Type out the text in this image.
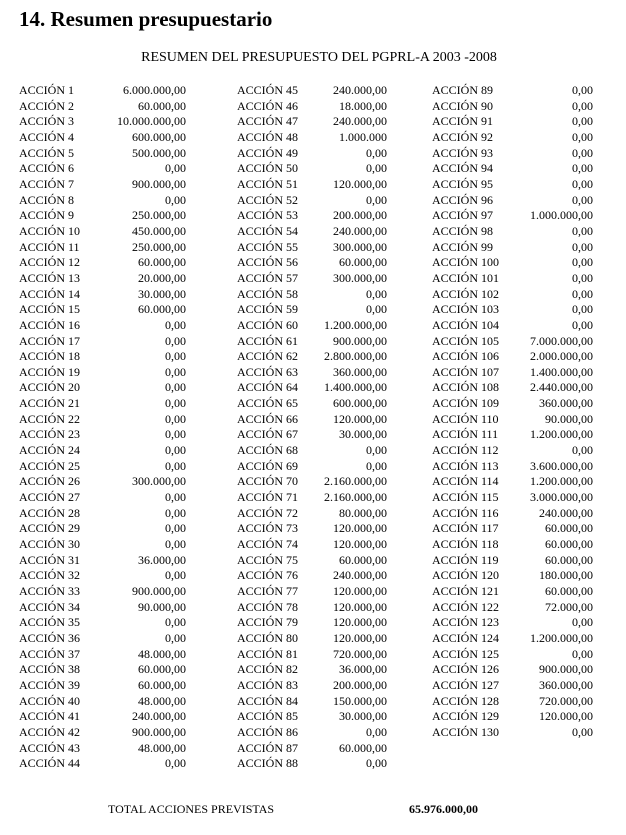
14. Resumen presupuestario
RESUMEN DEL PRESUPUESTO DEL PGPRL-A 2003 -2008
ACCIÓN 1	6.000.000,00
ACCIÓN 2	60.000,00
ACCIÓN 3	10.000.000,00
ACCIÓN 4	600.000,00
ACCIÓN 5	500.000,00
ACCIÓN 6	0,00
ACCIÓN 7	900.000,00
ACCIÓN 8	0,00
ACCIÓN 9	250.000,00
ACCIÓN 10	450.000,00
ACCIÓN 11	250.000,00
ACCIÓN 12	60.000,00
ACCIÓN 13	20.000,00
ACCIÓN 14	30.000,00
ACCIÓN 15	60.000,00
ACCIÓN 16	0,00
ACCIÓN 17	0,00
ACCIÓN 18	0,00
ACCIÓN 19	0,00
ACCIÓN 20	0,00
ACCIÓN 21	0,00
ACCIÓN 22	0,00
ACCIÓN 23	0,00
ACCIÓN 24	0,00
ACCIÓN 25	0,00
ACCIÓN 26	300.000,00
ACCIÓN 27	0,00
ACCIÓN 28	0,00
ACCIÓN 29	0,00
ACCIÓN 30	0,00
ACCIÓN 31	36.000,00
ACCIÓN 32	0,00
ACCIÓN 33	900.000,00
ACCIÓN 34	90.000,00
ACCIÓN 35	0,00
ACCIÓN 36	0,00
ACCIÓN 37	48.000,00
ACCIÓN 38	60.000,00
ACCIÓN 39	60.000,00
ACCIÓN 40	48.000,00
ACCIÓN 41	240.000,00
ACCIÓN 42	900.000,00
ACCIÓN 43	48.000,00
ACCIÓN 44	0,00
ACCIÓN 45	240.000,00
ACCIÓN 46	18.000,00
ACCIÓN 47	240.000,00
ACCIÓN 48	1.000.000
ACCIÓN 49	0,00
ACCIÓN 50	0,00
ACCIÓN 51	120.000,00
ACCIÓN 52	0,00
ACCIÓN 53	200.000,00
ACCIÓN 54	240.000,00
ACCIÓN 55	300.000,00
ACCIÓN 56	60.000,00
ACCIÓN 57	300.000,00
ACCIÓN 58	0,00
ACCIÓN 59	0,00
ACCIÓN 60 1.200.000,00
ACCIÓN 61	900.000,00
ACCIÓN 62 2.800.000,00
ACCIÓN 63	360.000,00
ACCIÓN 64 1.400.000,00
ACCIÓN 65	600.000,00
ACCIÓN 66	120.000,00
ACCIÓN 67	30.000,00
ACCIÓN 68	0,00
ACCIÓN 69	0,00
ACCIÓN 70 2.160.000,00
ACCIÓN 71 2.160.000,00
ACCIÓN 72	80.000,00
ACCIÓN 73	120.000,00
ACCIÓN 74	120.000,00
ACCIÓN 75	60.000,00
ACCIÓN 76	240.000,00
ACCIÓN 77	120.000,00
ACCIÓN 78	120.000,00
ACCIÓN 79	120.000,00
ACCIÓN 80	120.000,00
ACCIÓN 81	720.000,00
ACCIÓN 82	36.000,00
ACCIÓN 83	200.000,00
ACCIÓN 84	150.000,00
ACCIÓN 85	30.000,00
ACCIÓN 86	0,00
ACCIÓN 87	60.000,00
ACCIÓN 88	0,00
ACCIÓN 89	0,00
ACCIÓN 90	0,00
ACCIÓN 91	0,00
ACCIÓN 92	0,00
ACCIÓN 93	0,00
ACCIÓN 94	0,00
ACCIÓN 95	0,00
ACCIÓN 96	0,00
ACCIÓN 97	1.000.000,00
ACCIÓN 98	0,00
ACCIÓN 99	0,00
ACCIÓN 100	0,00
ACCIÓN 101	0,00
ACCIÓN 102	0,00
ACCIÓN 103	0,00
ACCIÓN 104	0,00
ACCIÓN 105	7.000.000,00
ACCIÓN 106	2.000.000,00
ACCIÓN 107	1.400.000,00
ACCIÓN 108	2.440.000,00
ACCIÓN 109	360.000,00
ACCIÓN 110	90.000,00
ACCIÓN 111	1.200.000,00
ACCIÓN 112	0,00
ACCIÓN 113	3.600.000,00
ACCIÓN 114	1.200.000,00
ACCIÓN 115	3.000.000,00
ACCIÓN 116	240.000,00
ACCIÓN 117	60.000,00
ACCIÓN 118	60.000,00
ACCIÓN 119	60.000,00
ACCIÓN 120	180.000,00
ACCIÓN 121	60.000,00
ACCIÓN 122	72.000,00
ACCIÓN 123	0,00
ACCIÓN 124	1.200.000,00
ACCIÓN 125	0,00
ACCIÓN 126	900.000,00
ACCIÓN 127	360.000,00
ACCIÓN 128	720.000,00
ACCIÓN 129	120.000,00
ACCIÓN 130	0,00
TOTAL ACCIONES PREVISTAS	65.976.000,00
